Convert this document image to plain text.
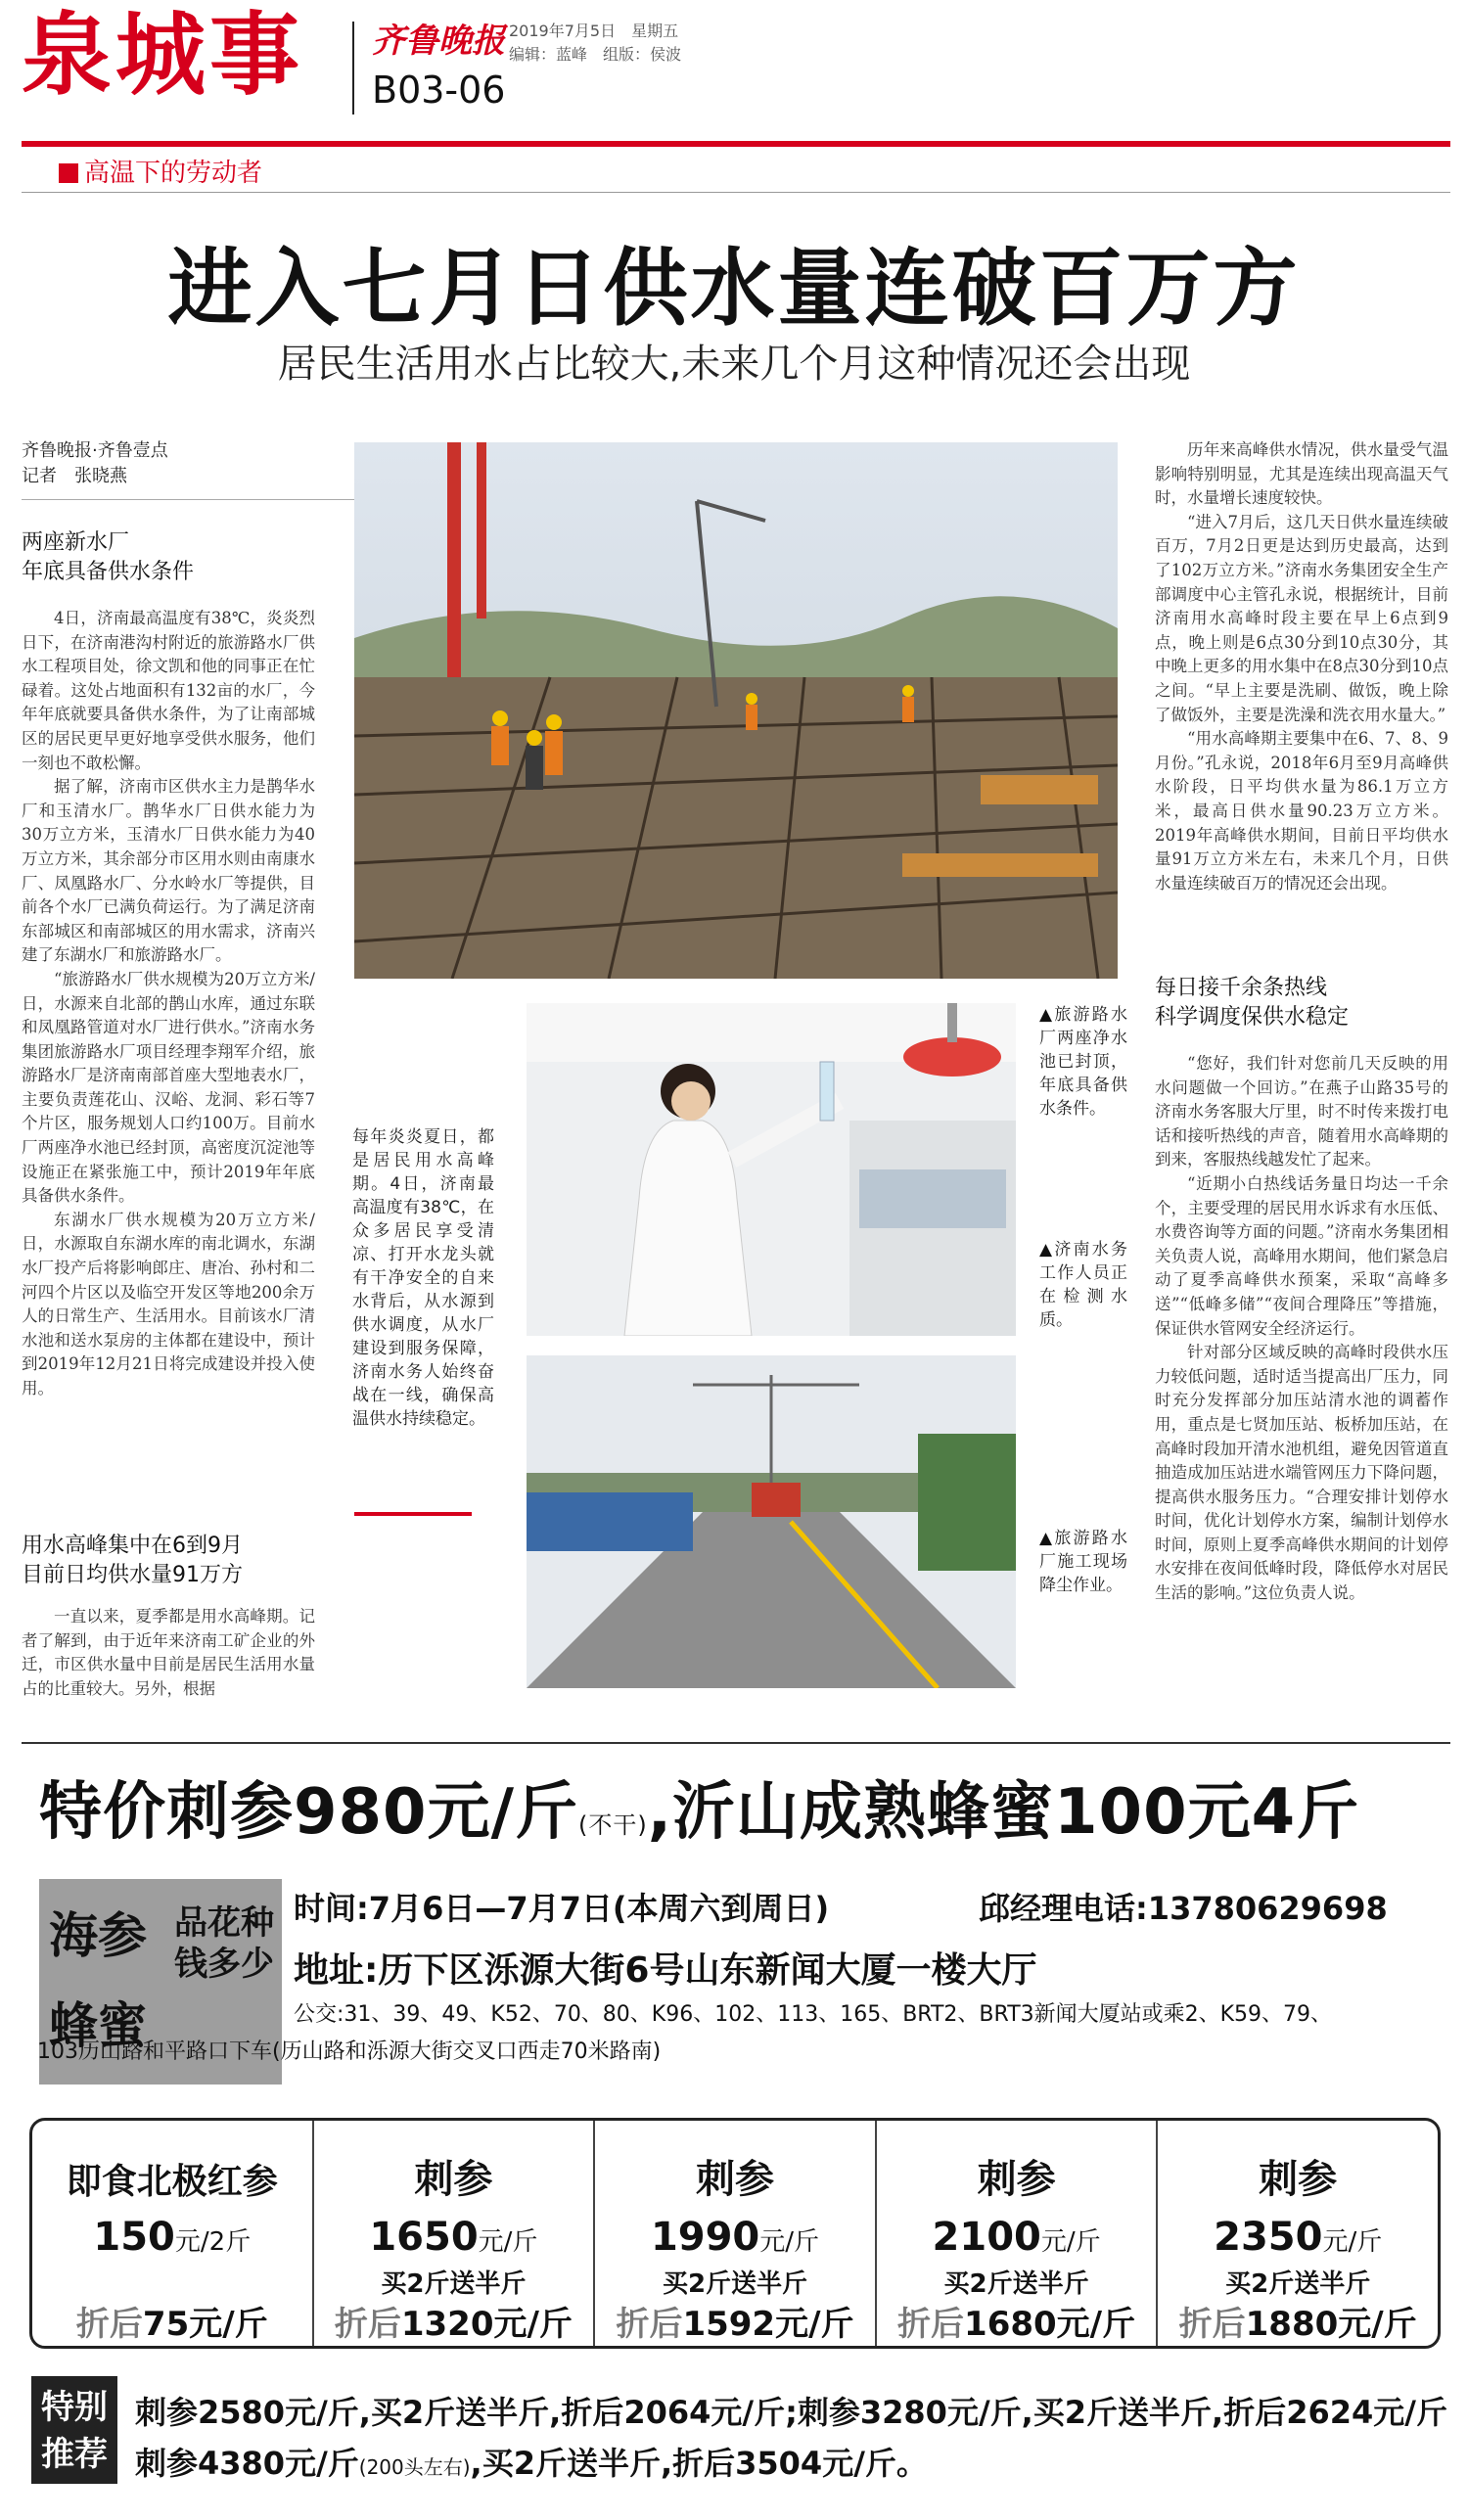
泉城事 齐鲁晚报 2019年7月5日　星期五
编辑：蓝峰　组版：侯波
B03-06
高温下的劳动者
进入七月日供水量连破百万方
居民生活用水占比较大,未来几个月这种情况还会出现
齐鲁晚报·齐鲁壹点
记者　张晓燕
两座新水厂
年底具备供水条件

4日，济南最高温度有38℃，炎炎烈日下，在济南港沟村附近的旅游路水厂供水工程项目处，徐文凯和他的同事正在忙碌着。这处占地面积有132亩的水厂，今年年底就要具备供水条件，为了让南部城区的居民更早更好地享受供水服务，他们一刻也不敢松懈。

据了解，济南市区供水主力是鹊华水厂和玉清水厂。鹊华水厂日供水能力为30万立方米，玉清水厂日供水能力为40万立方米，其余部分市区用水则由南康水厂、凤凰路水厂、分水岭水厂等提供，目前各个水厂已满负荷运行。为了满足济南东部城区和南部城区的用水需求，济南兴建了东湖水厂和旅游路水厂。

“旅游路水厂供水规模为20万立方米/日，水源来自北部的鹊山水库，通过东联和凤凰路管道对水厂进行供水。”济南水务集团旅游路水厂项目经理李翔军介绍，旅游路水厂是济南南部首座大型地表水厂，主要负责莲花山、汉峪、龙洞、彩石等7个片区，服务规划人口约100万。目前水厂两座净水池已经封顶，高密度沉淀池等设施正在紧张施工中，预计2019年年底具备供水条件。

东湖水厂供水规模为20万立方米/日，水源取自东湖水库的南北调水，东湖水厂投产后将影响郎庄、唐冶、孙村和二河四个片区以及临空开发区等地200余万人的日常生产、生活用水。目前该水厂清水池和送水泵房的主体都在建设中，预计到2019年12月21日将完成建设并投入使用。

用水高峰集中在6到9月
目前日均供水量91万方

一直以来，夏季都是用水高峰期。记者了解到，由于近年来济南工矿企业的外迁，市区供水量中目前是居民生活用水量占的比重较大。另外，根据

每年炎炎夏日，都是居民用水高峰期。4日，济南最高温度有38℃，在众多居民享受清凉、打开水龙头就有干净安全的自来水背后，从水源到供水调度，从水厂建设到服务保障，济南水务人始终奋战在一线，确保高温供水持续稳定。
▲旅游路水厂两座净水池已封顶，年底具备供水条件。
▲济南水务工作人员正在检测水质。
▲旅游路水厂施工现场降尘作业。

历年来高峰供水情况，供水量受气温影响特别明显，尤其是连续出现高温天气时，水量增长速度较快。

“进入7月后，这几天日供水量连续破百万，7月2日更是达到历史最高，达到了102万立方米。”济南水务集团安全生产部调度中心主管孔永说，根据统计，目前济南用水高峰时段主要在早上6点到9点，晚上则是6点30分到10点30分，其中晚上更多的用水集中在8点30分到10点之间。“早上主要是洗刷、做饭，晚上除了做饭外，主要是洗澡和洗衣用水量大。”

“用水高峰期主要集中在6、7、8、9月份。”孔永说，2018年6月至9月高峰供水阶段，日平均供水量为86.1万立方米，最高日供水量90.23万立方米。2019年高峰供水期间，目前日平均供水量91万立方米左右，未来几个月，日供水量连续破百万的情况还会出现。

每日接千余条热线
科学调度保供水稳定

“您好，我们针对您前几天反映的用水问题做一个回访。”在燕子山路35号的济南水务客服大厅里，时不时传来拨打电话和接听热线的声音，随着用水高峰期的到来，客服热线越发忙了起来。

“近期小白热线话务量日均达一千余个，主要受理的居民用水诉求有水压低、水费咨询等方面的问题。”济南水务集团相关负责人说，高峰用水期间，他们紧急启动了夏季高峰供水预案，采取“高峰多送”“低峰多储”“夜间合理降压”等措施，保证供水管网安全经济运行。

针对部分区域反映的高峰时段供水压力较低问题，适时适当提高出厂压力，同时充分发挥部分加压站清水池的调蓄作用，重点是七贤加压站、板桥加压站，在高峰时段加开清水池机组，避免因管道直抽造成加压站进水端管网压力下降问题，提高供水服务压力。“合理安排计划停水时间，优化计划停水方案，编制计划停水时间，原则上夏季高峰供水期间的计划停水安排在夜间低峰时段，降低停水对居民生活的影响。”这位负责人说。

特价刺参980元/斤(不干),沂山成熟蜂蜜100元4斤
海参
蜂蜜
品花种钱多少
时间:7月6日—7月7日(本周六到周日)	邱经理电话:13780629698
地址:历下区泺源大街6号山东新闻大厦一楼大厅
公交:31、39、49、K52、70、80、K96、102、113、165、BRT2、BRT3新闻大厦站或乘2、K59、79、
103历山路和平路口下车(历山路和泺源大街交叉口西走70米路南)
即食北极红参
150元/2斤
折后75元/斤
刺参
1650元/斤
买2斤送半斤
折后1320元/斤
刺参
1990元/斤
买2斤送半斤
折后1592元/斤
刺参
2100元/斤
买2斤送半斤
折后1680元/斤
刺参
2350元/斤
买2斤送半斤
折后1880元/斤
特别
推荐
刺参2580元/斤,买2斤送半斤,折后2064元/斤;刺参3280元/斤,买2斤送半斤,折后2624元/斤
刺参4380元/斤(200头左右),买2斤送半斤,折后3504元/斤。
